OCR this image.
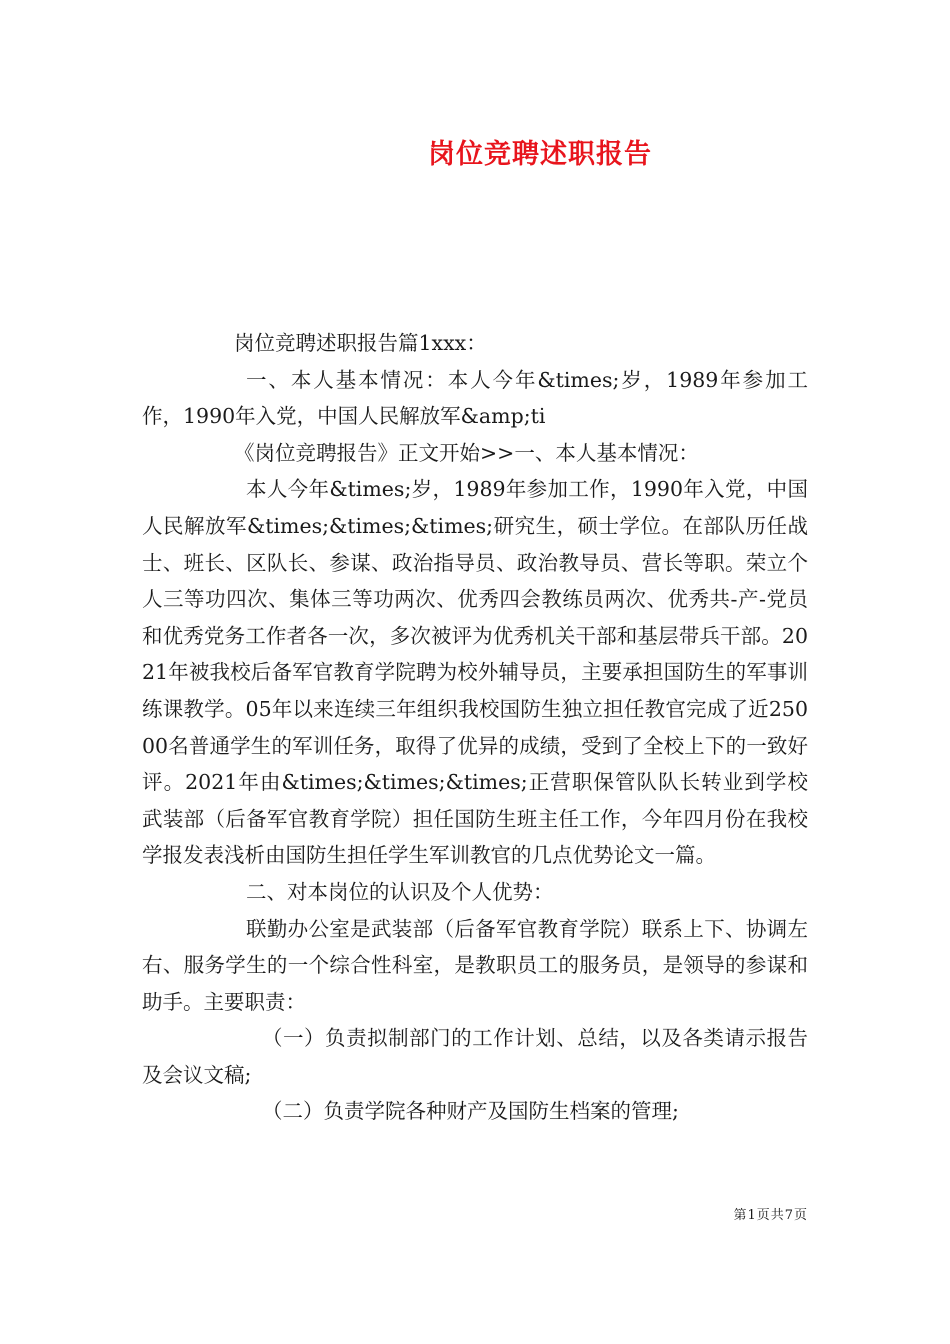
岗位竞聘述职报告

岗位竞聘述职报告篇1xxx：

一、本人基本情况：本人今年&times;岁，1989年参加工作，1990年入党，中国人民解放军&amp;ti

《岗位竞聘报告》正文开始>>一、本人基本情况：

本人今年&times;岁，1989年参加工作，1990年入党，中国人民解放军&times;&times;&times;研究生，硕士学位。在部队历任战士、班长、区队长、参谋、政治指导员、政治教导员、营长等职。荣立个人三等功四次、集体三等功两次、优秀四会教练员两次、优秀共-产-党员和优秀党务工作者各一次，多次被评为优秀机关干部和基层带兵干部。2021年被我校后备军官教育学院聘为校外辅导员，主要承担国防生的军事训练课教学。05年以来连续三年组织我校国防生独立担任教官完成了近25000名普通学生的军训任务，取得了优异的成绩，受到了全校上下的一致好评。2021年由&times;&times;&times;正营职保管队队长转业到学校武装部（后备军官教育学院）担任国防生班主任工作，今年四月份在我校学报发表浅析由国防生担任学生军训教官的几点优势论文一篇。

二、对本岗位的认识及个人优势：

联勤办公室是武装部（后备军官教育学院）联系上下、协调左右、服务学生的一个综合性科室，是教职员工的服务员，是领导的参谋和助手。主要职责：

（一）负责拟制部门的工作计划、总结，以及各类请示报告及会议文稿;

（二）负责学院各种财产及国防生档案的管理;

第1页共7页
